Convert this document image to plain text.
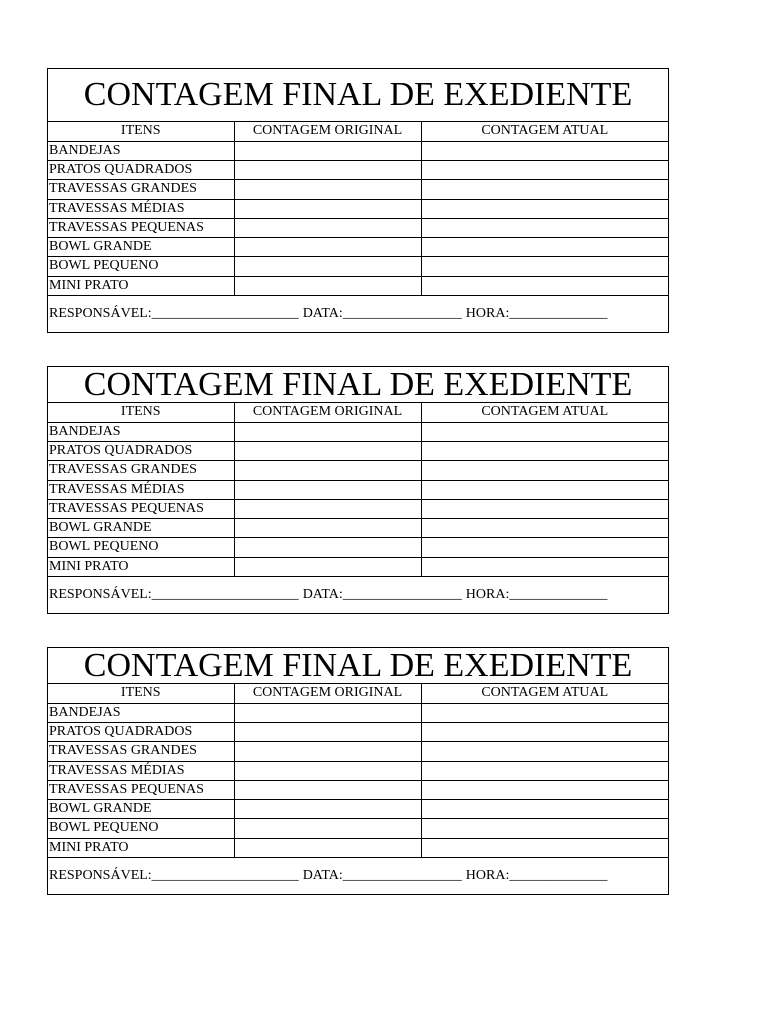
CONTAGEM FINAL DE EXEDIENTE
ITENS	CONTAGEM ORIGINAL	CONTAGEM ATUAL
BANDEJAS		
PRATOS QUADRADOS		
TRAVESSAS GRANDES		
TRAVESSAS MÉDIAS		
TRAVESSAS PEQUENAS		
BOWL GRANDE		
BOWL PEQUENO		
MINI PRATO		
RESPONSÁVEL:_____________________ DATA:_________________ HORA:______________
CONTAGEM FINAL DE EXEDIENTE
ITENS	CONTAGEM ORIGINAL	CONTAGEM ATUAL
BANDEJAS		
PRATOS QUADRADOS		
TRAVESSAS GRANDES		
TRAVESSAS MÉDIAS		
TRAVESSAS PEQUENAS		
BOWL GRANDE		
BOWL PEQUENO		
MINI PRATO		
RESPONSÁVEL:_____________________ DATA:_________________ HORA:______________
CONTAGEM FINAL DE EXEDIENTE
ITENS	CONTAGEM ORIGINAL	CONTAGEM ATUAL
BANDEJAS		
PRATOS QUADRADOS		
TRAVESSAS GRANDES		
TRAVESSAS MÉDIAS		
TRAVESSAS PEQUENAS		
BOWL GRANDE		
BOWL PEQUENO		
MINI PRATO		
RESPONSÁVEL:_____________________ DATA:_________________ HORA:______________
